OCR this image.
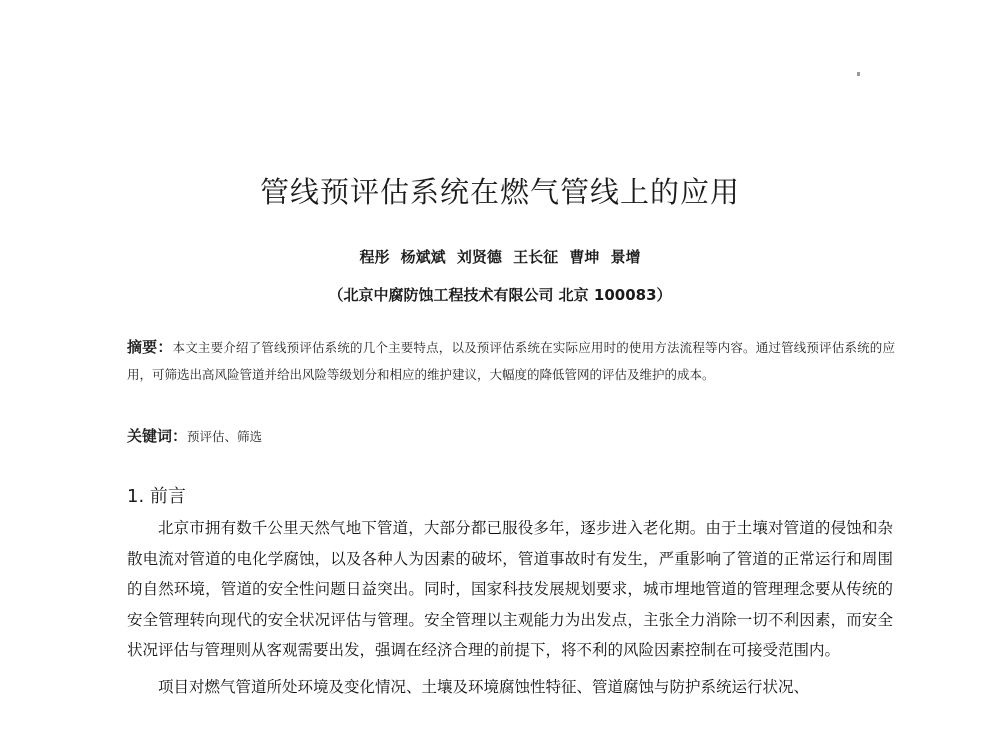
管线预评估系统在燃气管线上的应用
程彤 杨斌斌 刘贤德 王长征 曹坤 景增
（北京中腐防蚀工程技术有限公司 北京 100083）
摘要：本文主要介绍了管线预评估系统的几个主要特点，以及预评估系统在实际应用时的使用方法流程等内容。通过管线预评估系统的应用，可筛选出高风险管道并给出风险等级划分和相应的维护建议，大幅度的降低管网的评估及维护的成本。
关键词：预评估、筛选
1. 前言

北京市拥有数千公里天然气地下管道，大部分都已服役多年，逐步进入老化期。由于土壤对管道的侵蚀和杂散电流对管道的电化学腐蚀，以及各种人为因素的破坏，管道事故时有发生，严重影响了管道的正常运行和周围的自然环境，管道的安全性问题日益突出。同时，国家科技发展规划要求，城市埋地管道的管理理念要从传统的安全管理转向现代的安全状况评估与管理。安全管理以主观能力为出发点，主张全力消除一切不利因素，而安全状况评估与管理则从客观需要出发，强调在经济合理的前提下，将不利的风险因素控制在可接受范围内。

项目对燃气管道所处环境及变化情况、土壤及环境腐蚀性特征、管道腐蚀与防护系统运行状况、
